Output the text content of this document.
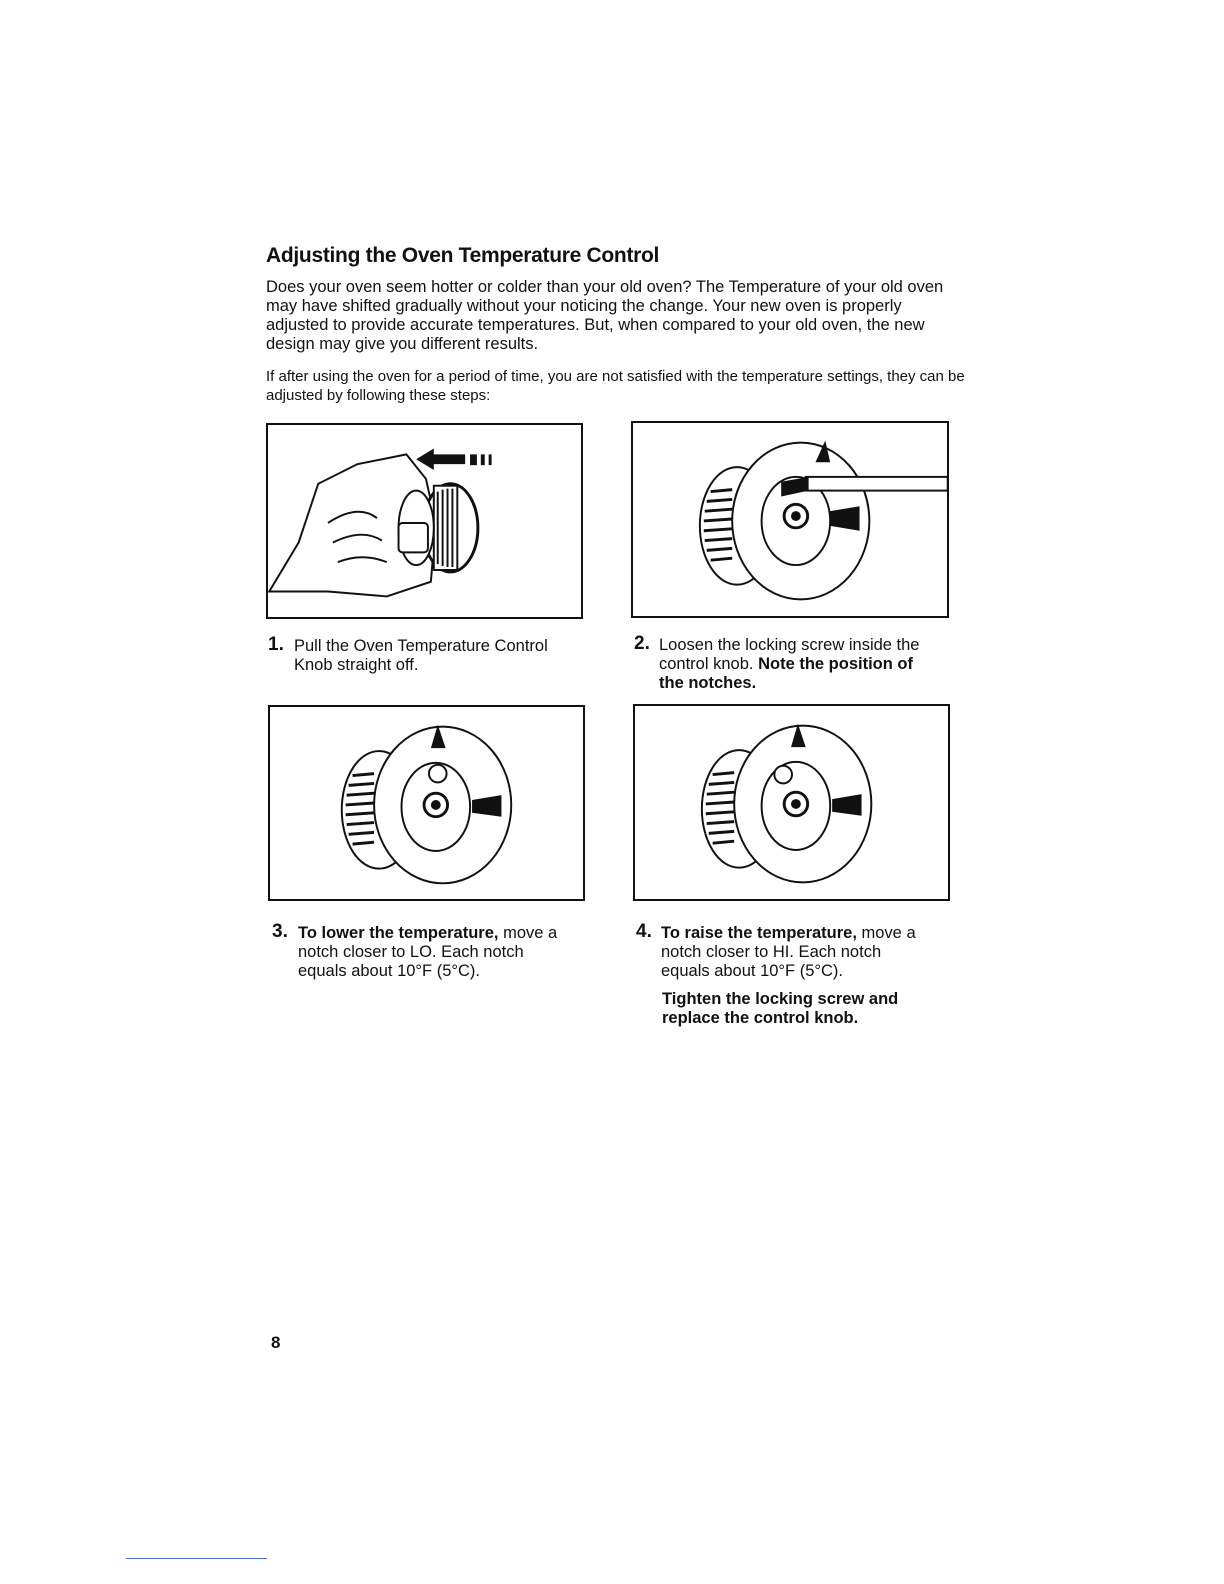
Adjusting the Oven Temperature Control

Does your oven seem hotter or colder than your old oven? The Temperature of your old oven may have shifted gradually without your noticing the change. Your new oven is properly adjusted to provide accurate temperatures. But, when compared to your old oven, the new design may give you different results.

If after using the oven for a period of time, you are not satisfied with the temperature settings, they can be adjusted by following these steps:

1. Pull the Oven Temperature Control Knob straight off.
2. Loosen the locking screw inside the control knob. Note the position of the notches.
3. To lower the temperature, move a notch closer to LO. Each notch equals about 10°F (5°C).
4. To raise the temperature, move a notch closer to HI. Each notch equals about 10°F (5°C).
Tighten the locking screw and replace the control knob.
8
